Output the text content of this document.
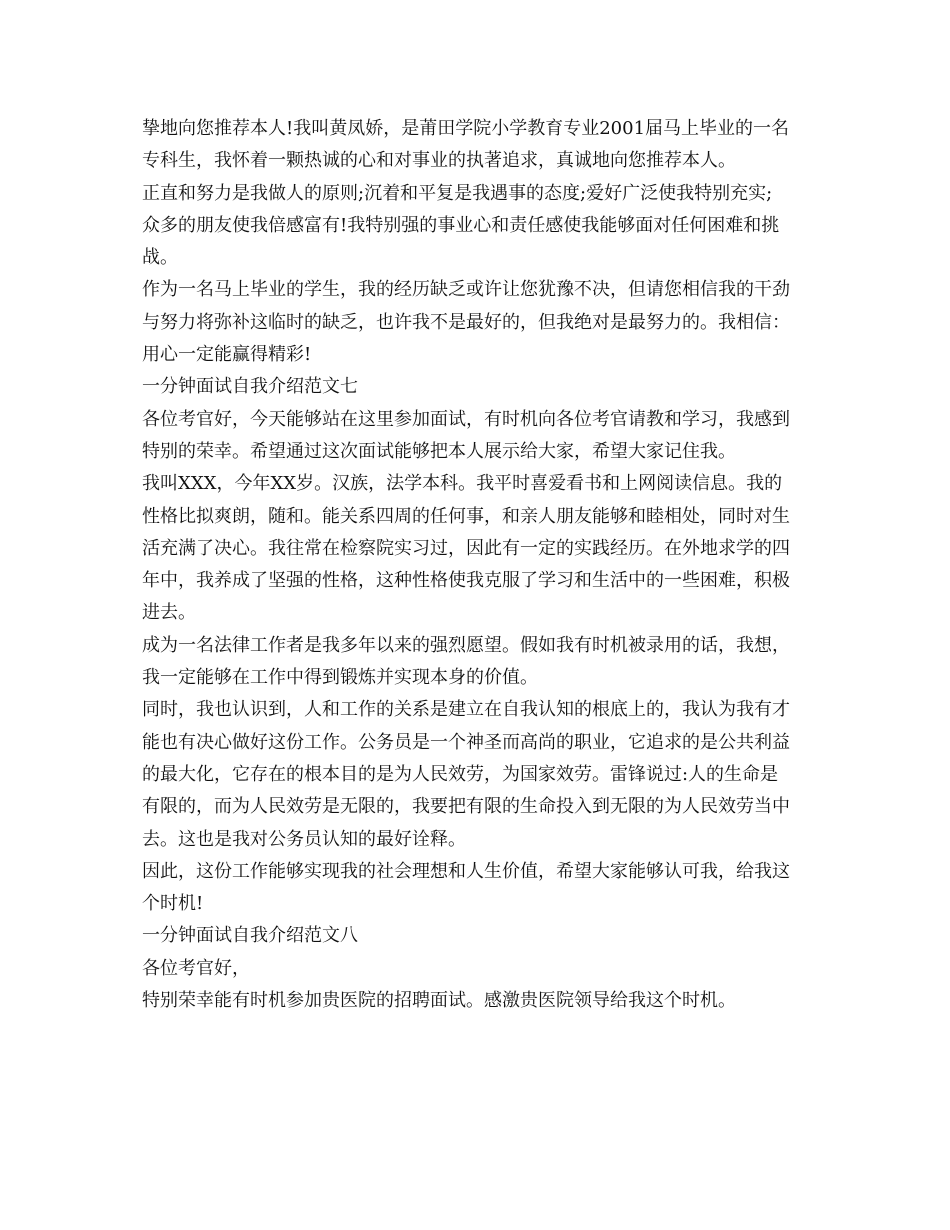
挚地向您推荐本人!我叫黄凤娇，是莆田学院小学教育专业2001届马上毕业的一名

专科生，我怀着一颗热诚的心和对事业的执著追求，真诚地向您推荐本人。

正直和努力是我做人的原则;沉着和平复是我遇事的态度;爱好广泛使我特别充实;

众多的朋友使我倍感富有!我特别强的事业心和责任感使我能够面对任何困难和挑

战。

作为一名马上毕业的学生，我的经历缺乏或许让您犹豫不决，但请您相信我的干劲

与努力将弥补这临时的缺乏，也许我不是最好的，但我绝对是最努力的。我相信：

用心一定能赢得精彩!

一分钟面试自我介绍范文七

各位考官好，今天能够站在这里参加面试，有时机向各位考官请教和学习，我感到

特别的荣幸。希望通过这次面试能够把本人展示给大家，希望大家记住我。

我叫XXX，今年XX岁。汉族，法学本科。我平时喜爱看书和上网阅读信息。我的

性格比拟爽朗，随和。能关系四周的任何事，和亲人朋友能够和睦相处，同时对生

活充满了决心。我往常在检察院实习过，因此有一定的实践经历。在外地求学的四

年中，我养成了坚强的性格，这种性格使我克服了学习和生活中的一些困难，积极

进去。

成为一名法律工作者是我多年以来的强烈愿望。假如我有时机被录用的话，我想，

我一定能够在工作中得到锻炼并实现本身的价值。

同时，我也认识到，人和工作的关系是建立在自我认知的根底上的，我认为我有才

能也有决心做好这份工作。公务员是一个神圣而高尚的职业，它追求的是公共利益

的最大化，它存在的根本目的是为人民效劳，为国家效劳。雷锋说过:人的生命是

有限的，而为人民效劳是无限的，我要把有限的生命投入到无限的为人民效劳当中

去。这也是我对公务员认知的最好诠释。

因此，这份工作能够实现我的社会理想和人生价值，希望大家能够认可我，给我这

个时机!

一分钟面试自我介绍范文八

各位考官好，

特别荣幸能有时机参加贵医院的招聘面试。感激贵医院领导给我这个时机。
